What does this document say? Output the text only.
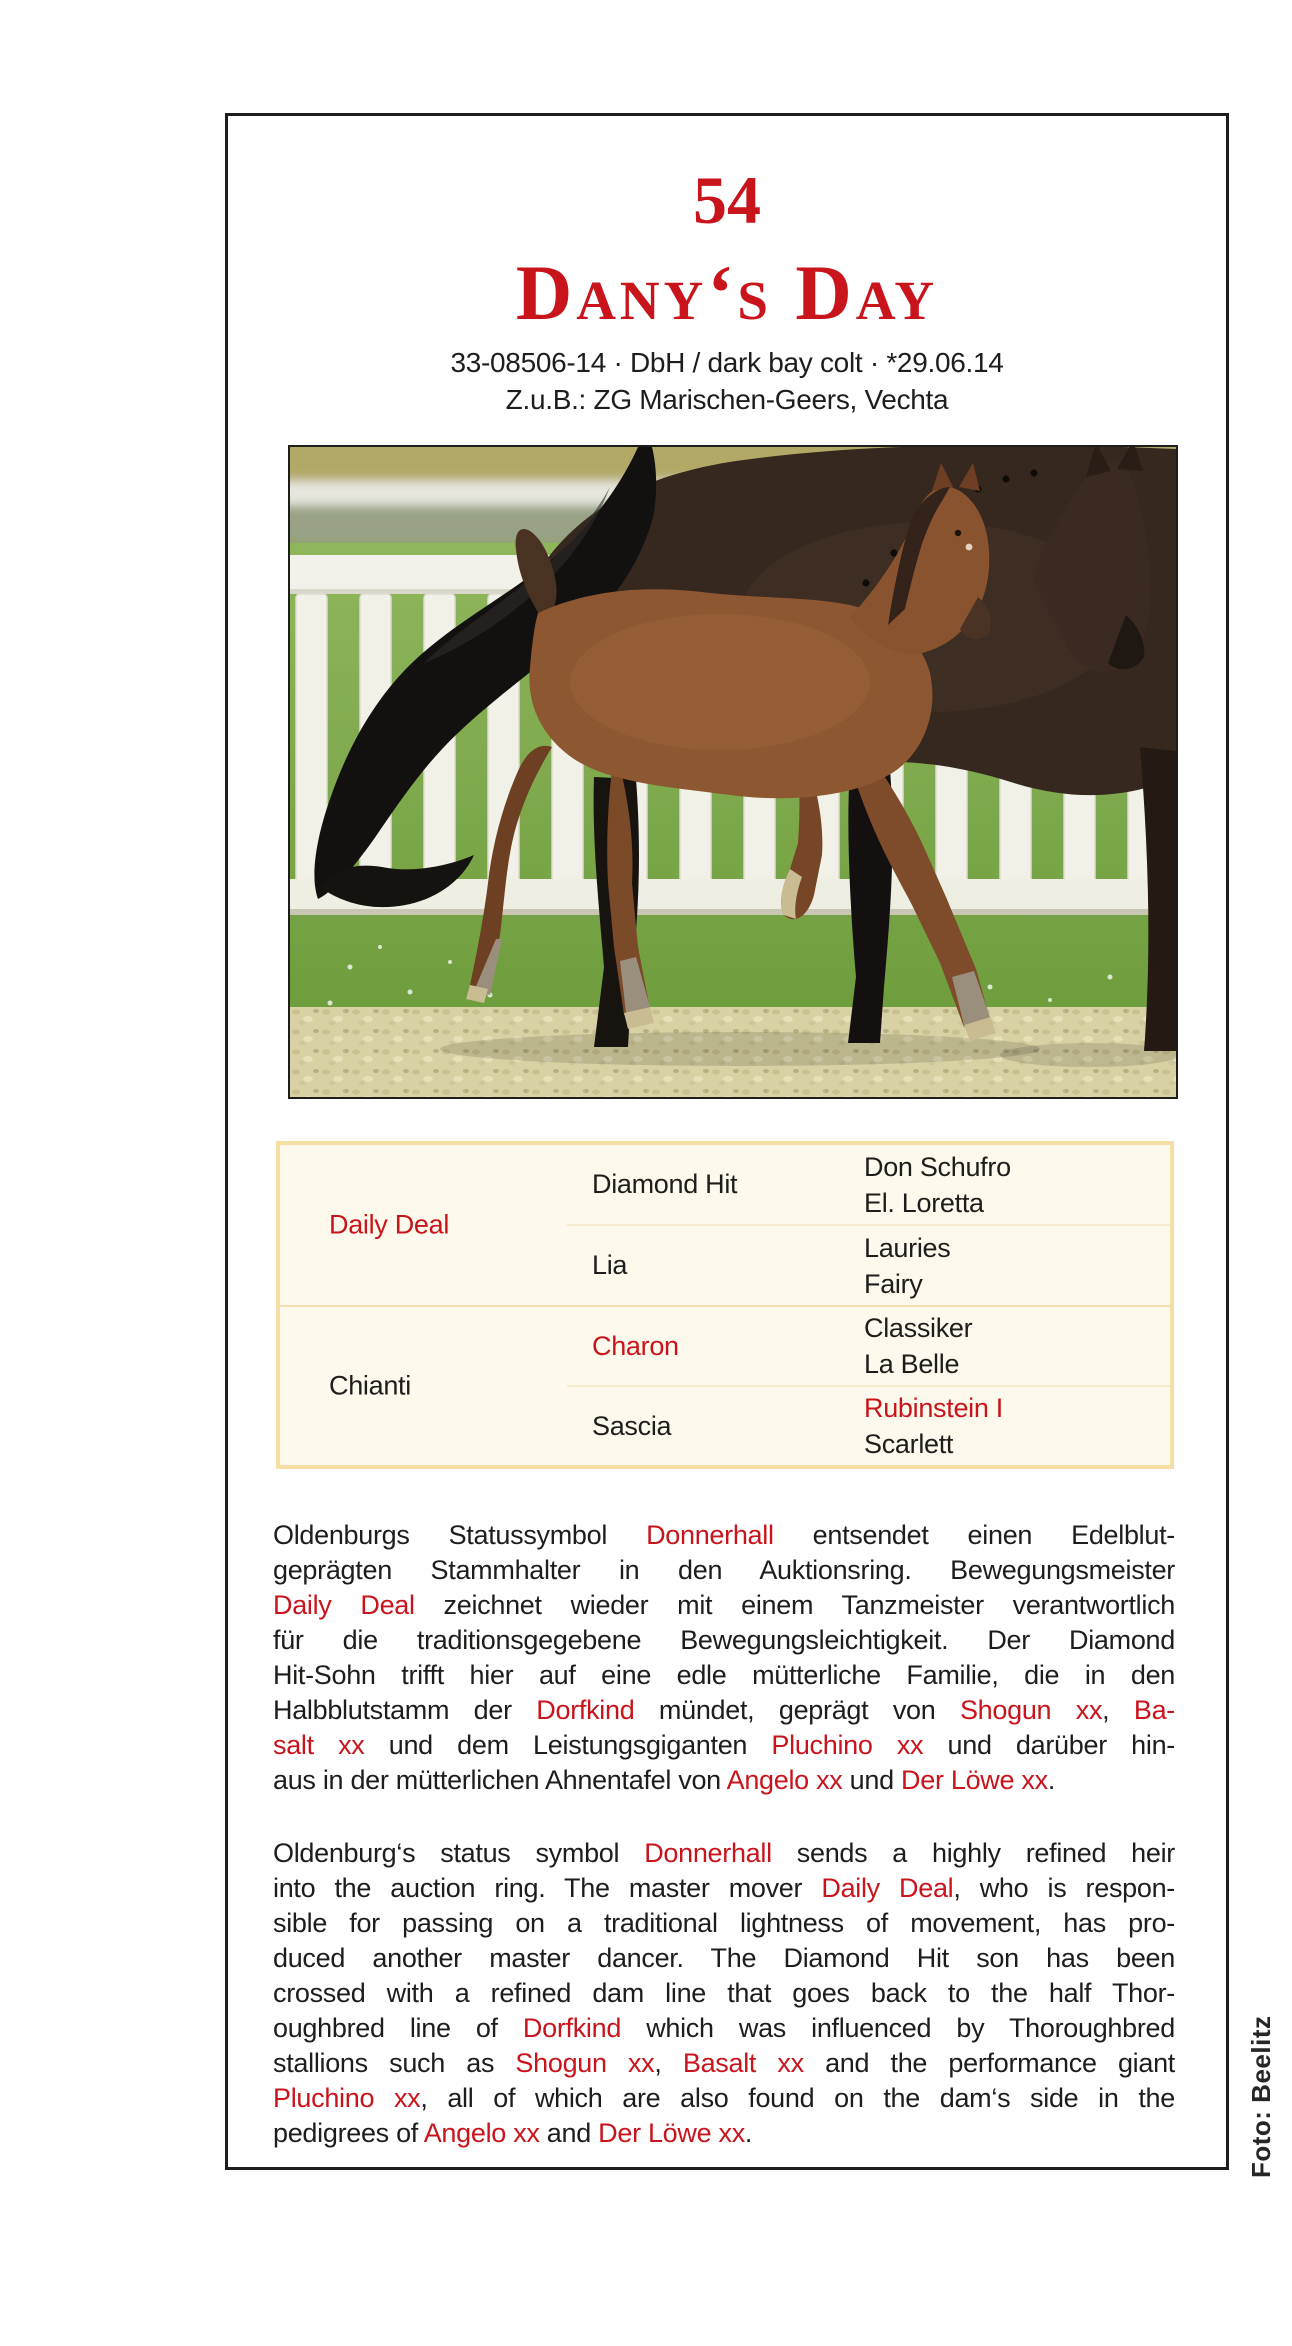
54
Dany‘s Day
33-08506-14 · DbH / dark bay colt · *29.06.14
Z.u.B.: ZG Marischen-Geers, Vechta
Daily Deal
Diamond Hit
Don Schufro
El. Loretta
Lia
Lauries
Fairy
Chianti
Charon
Classiker
La Belle
Sascia
Rubinstein I
Scarlett
Oldenburgs Statussymbol Donnerhall entsendet einen Edelblut-
geprägten Stammhalter in den Auktionsring. Bewegungsmeister
Daily Deal zeichnet wieder mit einem Tanzmeister verantwortlich
für die traditionsgegebene Bewegungsleichtigkeit. Der Diamond
Hit-Sohn trifft hier auf eine edle mütterliche Familie, die in den
Halbblutstamm der Dorfkind mündet, geprägt von Shogun xx, Ba-
salt xx und dem Leistungsgiganten Pluchino xx und darüber hin-
aus in der mütterlichen Ahnentafel von Angelo xx und Der Löwe xx.
Oldenburg‘s status symbol Donnerhall sends a highly refined heir
into the auction ring. The master mover Daily Deal, who is respon-
sible for passing on a traditional lightness of movement, has pro-
duced another master dancer. The Diamond Hit son has been
crossed with a refined dam line that goes back to the half Thor-
oughbred line of Dorfkind which was influenced by Thoroughbred
stallions such as Shogun xx, Basalt xx and the performance giant
Pluchino xx, all of which are also found on the dam‘s side in the
pedigrees of Angelo xx and Der Löwe xx.	Foto: Beelitz
